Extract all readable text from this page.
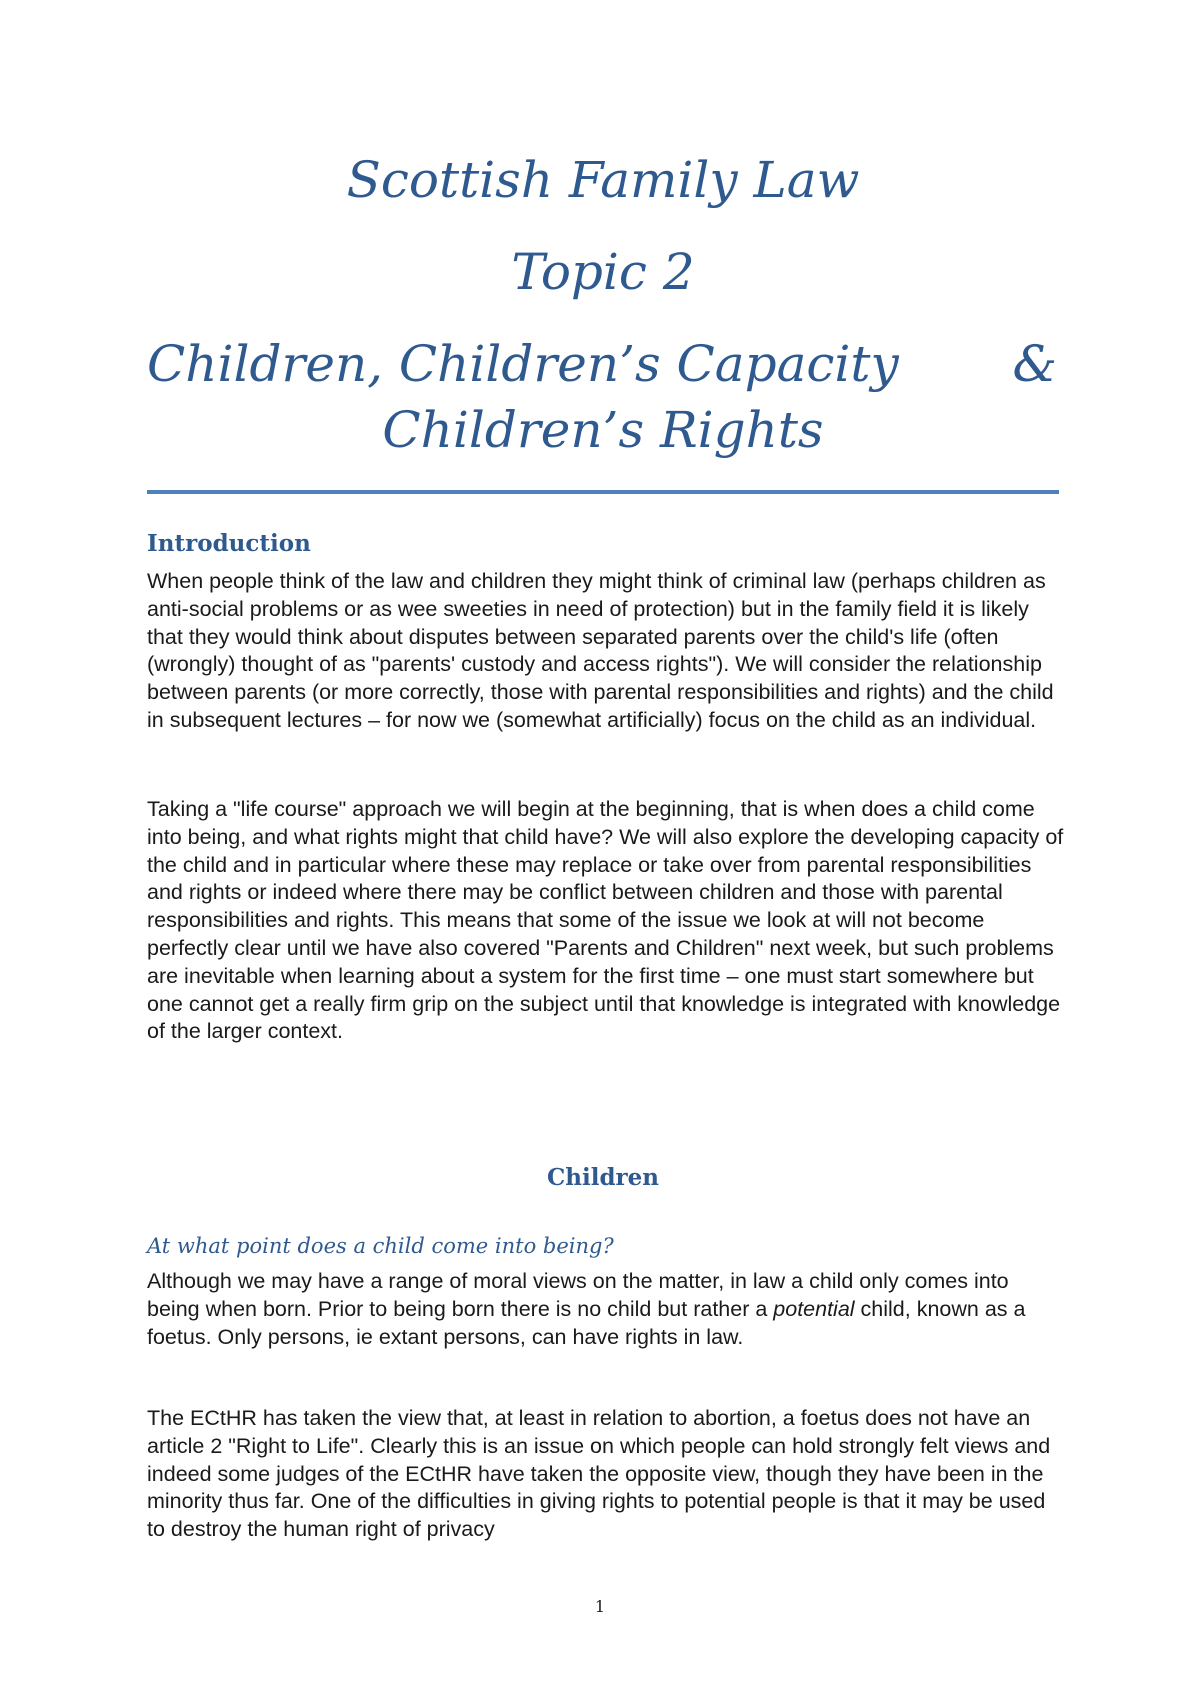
Scottish Family Law
Topic 2
Children, Children’s Capacity &
Children’s Rights
Introduction

When people think of the law and children they might think of criminal law (perhaps children as anti-social problems or as wee sweeties in need of protection) but in the family field it is likely that they would think about disputes between separated parents over the child's life (often (wrongly) thought of as "parents' custody and access rights"). We will consider the relationship between parents (or more correctly, those with parental responsibilities and rights) and the child in subsequent lectures – for now we (somewhat artificially) focus on the child as an individual.

Taking a "life course" approach we will begin at the beginning, that is when does a child come into being, and what rights might that child have? We will also explore the developing capacity of the child and in particular where these may replace or take over from parental responsibilities and rights or indeed where there may be conflict between children and those with parental responsibilities and rights. This means that some of the issue we look at will not become perfectly clear until we have also covered "Parents and Children" next week, but such problems are inevitable when learning about a system for the first time – one must start somewhere but one cannot get a really firm grip on the subject until that knowledge is integrated with knowledge of the larger context.

Children
At what point does a child come into being?

Although we may have a range of moral views on the matter, in law a child only comes into being when born. Prior to being born there is no child but rather a potential child, known as a foetus. Only persons, ie extant persons, can have rights in law.

The ECtHR has taken the view that, at least in relation to abortion, a foetus does not have an article 2 "Right to Life". Clearly this is an issue on which people can hold strongly felt views and indeed some judges of the ECtHR have taken the opposite view, though they have been in the minority thus far. One of the difficulties in giving rights to potential people is that it may be used to destroy the human right of privacy

1
